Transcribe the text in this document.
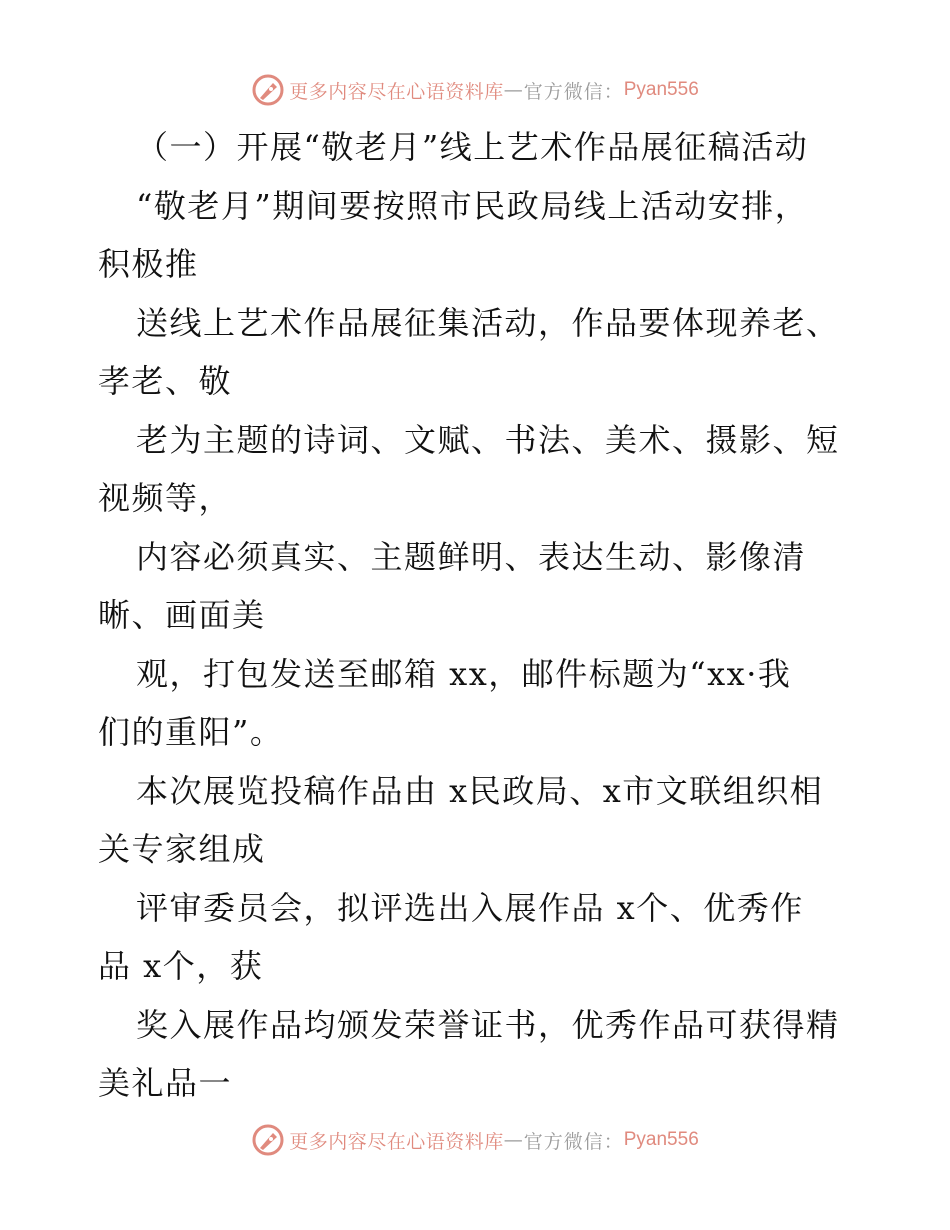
更多内容尽在心语资料库 — 官方微信： Pyan556
（一）开展“敬老月”线上艺术作品展征稿活动
“敬老月”期间要按照市民政局线上活动安排，
积极推
送线上艺术作品展征集活动，作品要体现养老、
孝老、敬
老为主题的诗词、文赋、书法、美术、摄影、短
视频等，
内容必须真实、主题鲜明、表达生动、影像清
晰、画面美
观，打包发送至邮箱 xx，邮件标题为“xx·我
们的重阳”。
本次展览投稿作品由 x民政局、x市文联组织相
关专家组成
评审委员会，拟评选出入展作品 x个、优秀作
品 x个，获
奖入展作品均颁发荣誉证书，优秀作品可获得精
美礼品一
更多内容尽在心语资料库 — 官方微信： Pyan556
